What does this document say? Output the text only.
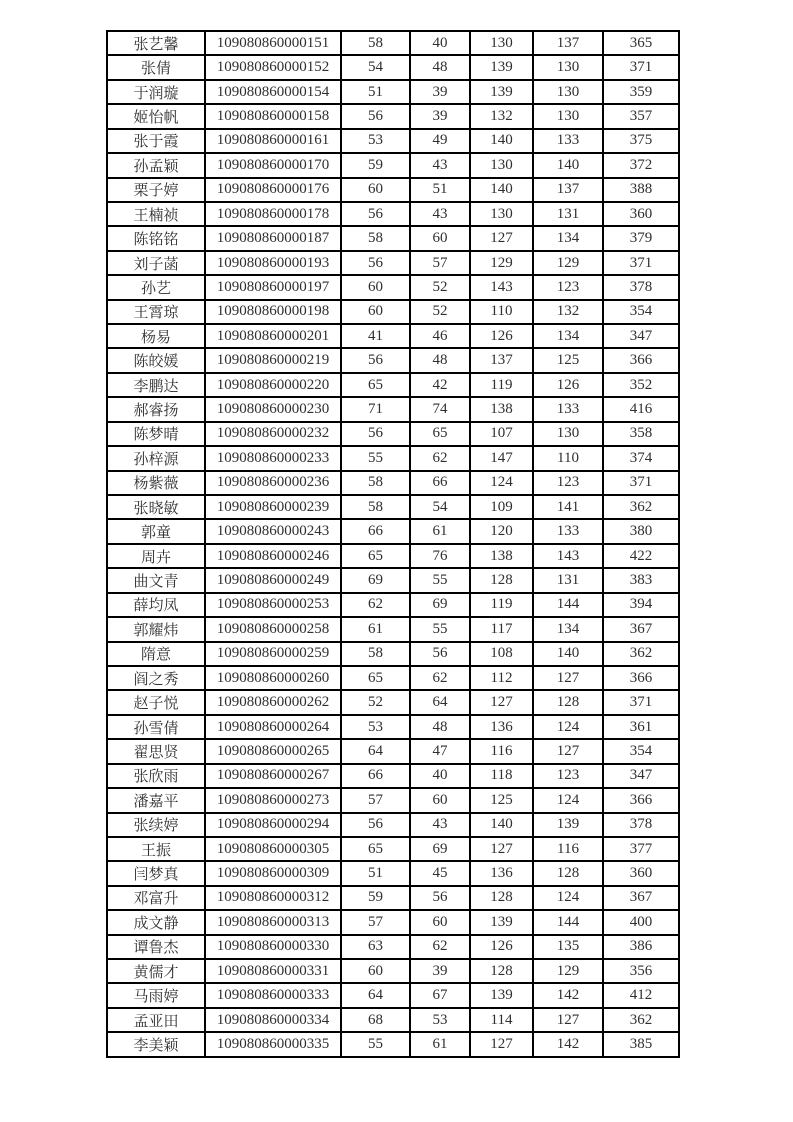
张艺馨	109080860000151	58	40	130	137	365
张倩	109080860000152	54	48	139	130	371
于润璇	109080860000154	51	39	139	130	359
姬怡帆	109080860000158	56	39	132	130	357
张于霞	109080860000161	53	49	140	133	375
孙孟颖	109080860000170	59	43	130	140	372
栗子婷	109080860000176	60	51	140	137	388
王楠祯	109080860000178	56	43	130	131	360
陈铭铭	109080860000187	58	60	127	134	379
刘子菡	109080860000193	56	57	129	129	371
孙艺	109080860000197	60	52	143	123	378
王霄琼	109080860000198	60	52	110	132	354
杨易	109080860000201	41	46	126	134	347
陈皎媛	109080860000219	56	48	137	125	366
李鹏达	109080860000220	65	42	119	126	352
郝睿扬	109080860000230	71	74	138	133	416
陈梦晴	109080860000232	56	65	107	130	358
孙梓源	109080860000233	55	62	147	110	374
杨紫薇	109080860000236	58	66	124	123	371
张晓敏	109080860000239	58	54	109	141	362
郭童	109080860000243	66	61	120	133	380
周卉	109080860000246	65	76	138	143	422
曲文青	109080860000249	69	55	128	131	383
薛均凤	109080860000253	62	69	119	144	394
郭耀炜	109080860000258	61	55	117	134	367
隋意	109080860000259	58	56	108	140	362
阎之秀	109080860000260	65	62	112	127	366
赵子悦	109080860000262	52	64	127	128	371
孙雪倩	109080860000264	53	48	136	124	361
翟思贤	109080860000265	64	47	116	127	354
张欣雨	109080860000267	66	40	118	123	347
潘嘉平	109080860000273	57	60	125	124	366
张续婷	109080860000294	56	43	140	139	378
王振	109080860000305	65	69	127	116	377
闫梦真	109080860000309	51	45	136	128	360
邓富升	109080860000312	59	56	128	124	367
成文静	109080860000313	57	60	139	144	400
谭鲁杰	109080860000330	63	62	126	135	386
黄儒才	109080860000331	60	39	128	129	356
马雨婷	109080860000333	64	67	139	142	412
孟亚田	109080860000334	68	53	114	127	362
李美颖	109080860000335	55	61	127	142	385
